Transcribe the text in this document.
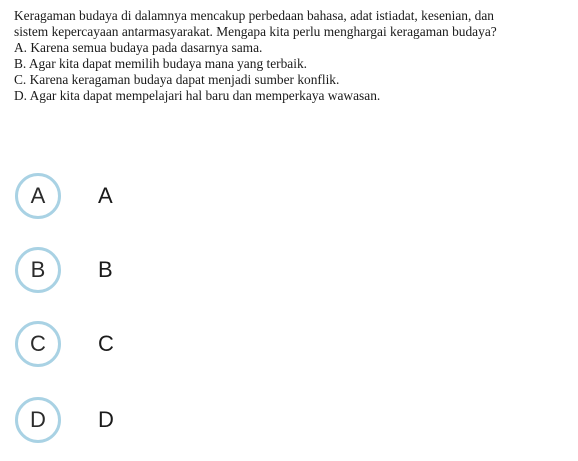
Keragaman budaya di dalamnya mencakup perbedaan bahasa, adat istiadat, kesenian, dan
sistem kepercayaan antarmasyarakat. Mengapa kita perlu menghargai keragaman budaya?
A. Karena semua budaya pada dasarnya sama.
B. Agar kita dapat memilih budaya mana yang terbaik.
C. Karena keragaman budaya dapat menjadi sumber konflik.
D. Agar kita dapat mempelajari hal baru dan memperkaya wawasan.
A	A
B	B
C	C
D	D
